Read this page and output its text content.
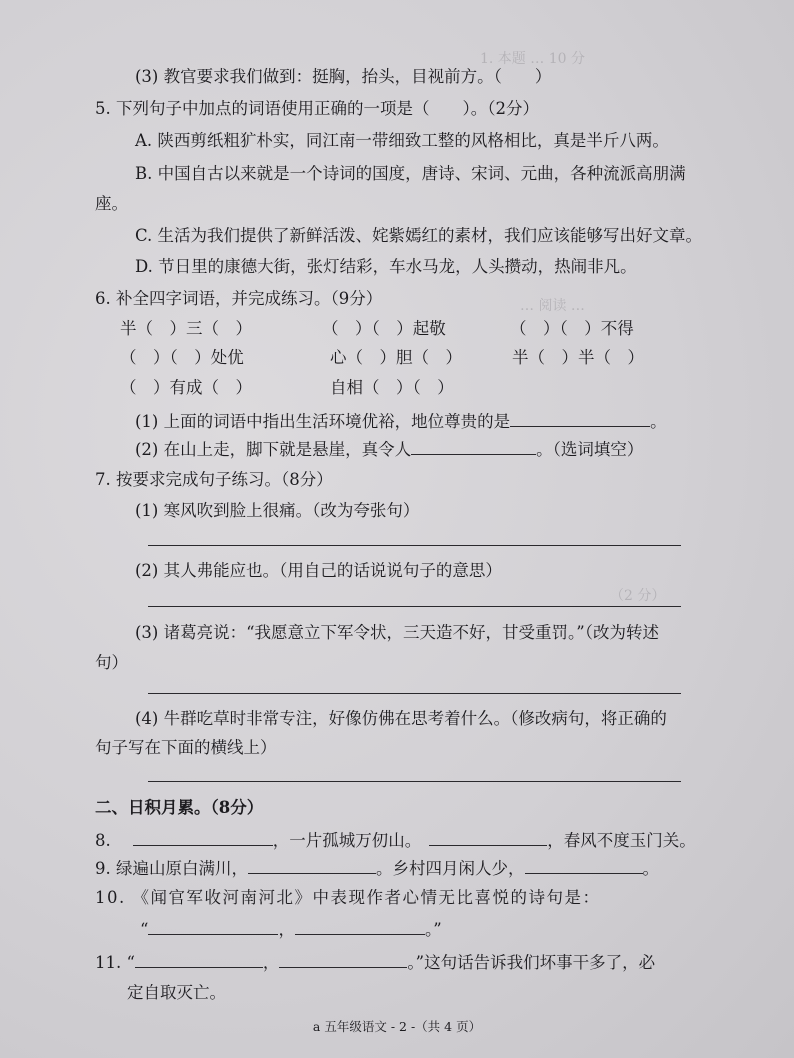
1. 本题 … 10 分
… 阅读 …
（2 分）
(3) 教官要求我们做到：挺胸，抬头，目视前方。（　　）
5. 下列句子中加点的词语使用正确的一项是（　　）。（2分）
A. 陕西剪纸粗犷朴实，同江南一带细致工整的风格相比，真是半斤八两。
B. 中国自古以来就是一个诗词的国度，唐诗、宋词、元曲，各种流派高朋满
座。
C. 生活为我们提供了新鲜活泼、姹紫嫣红的素材，我们应该能够写出好文章。
D. 节日里的康德大街，张灯结彩，车水马龙，人头攒动，热闹非凡。
6. 补全四字词语，并完成练习。（9分）
半（　）三（　）	（　）（　）起敬	（　）（　）不得
（　）（　）处优	心（　）胆（　）	半（　）半（　）
（　）有成（　）	自相（　）（　）
(1) 上面的词语中指出生活环境优裕，地位尊贵的是	。
(2) 在山上走，脚下就是悬崖，真令人	。（选词填空）
7. 按要求完成句子练习。（8分）
(1) 寒风吹到脸上很痛。（改为夸张句）
(2) 其人弗能应也。（用自己的话说说句子的意思）
(3) 诸葛亮说：“我愿意立下军令状，三天造不好，甘受重罚。”（改为转述
句）
(4) 牛群吃草时非常专注，好像仿佛在思考着什么。（修改病句，将正确的
句子写在下面的横线上）
二、日积月累。（8分）
8.	，一片孤城万仞山。	，春风不度玉门关。
9. 绿遍山原白满川，	。乡村四月闲人少，	。
10. 《闻官军收河南河北》中表现作者心情无比喜悦的诗句是：
“	，	。”
11. “	，	。”这句话告诉我们坏事干多了，必
定自取灭亡。
a 五年级语文 - 2 -（共 4 页）
